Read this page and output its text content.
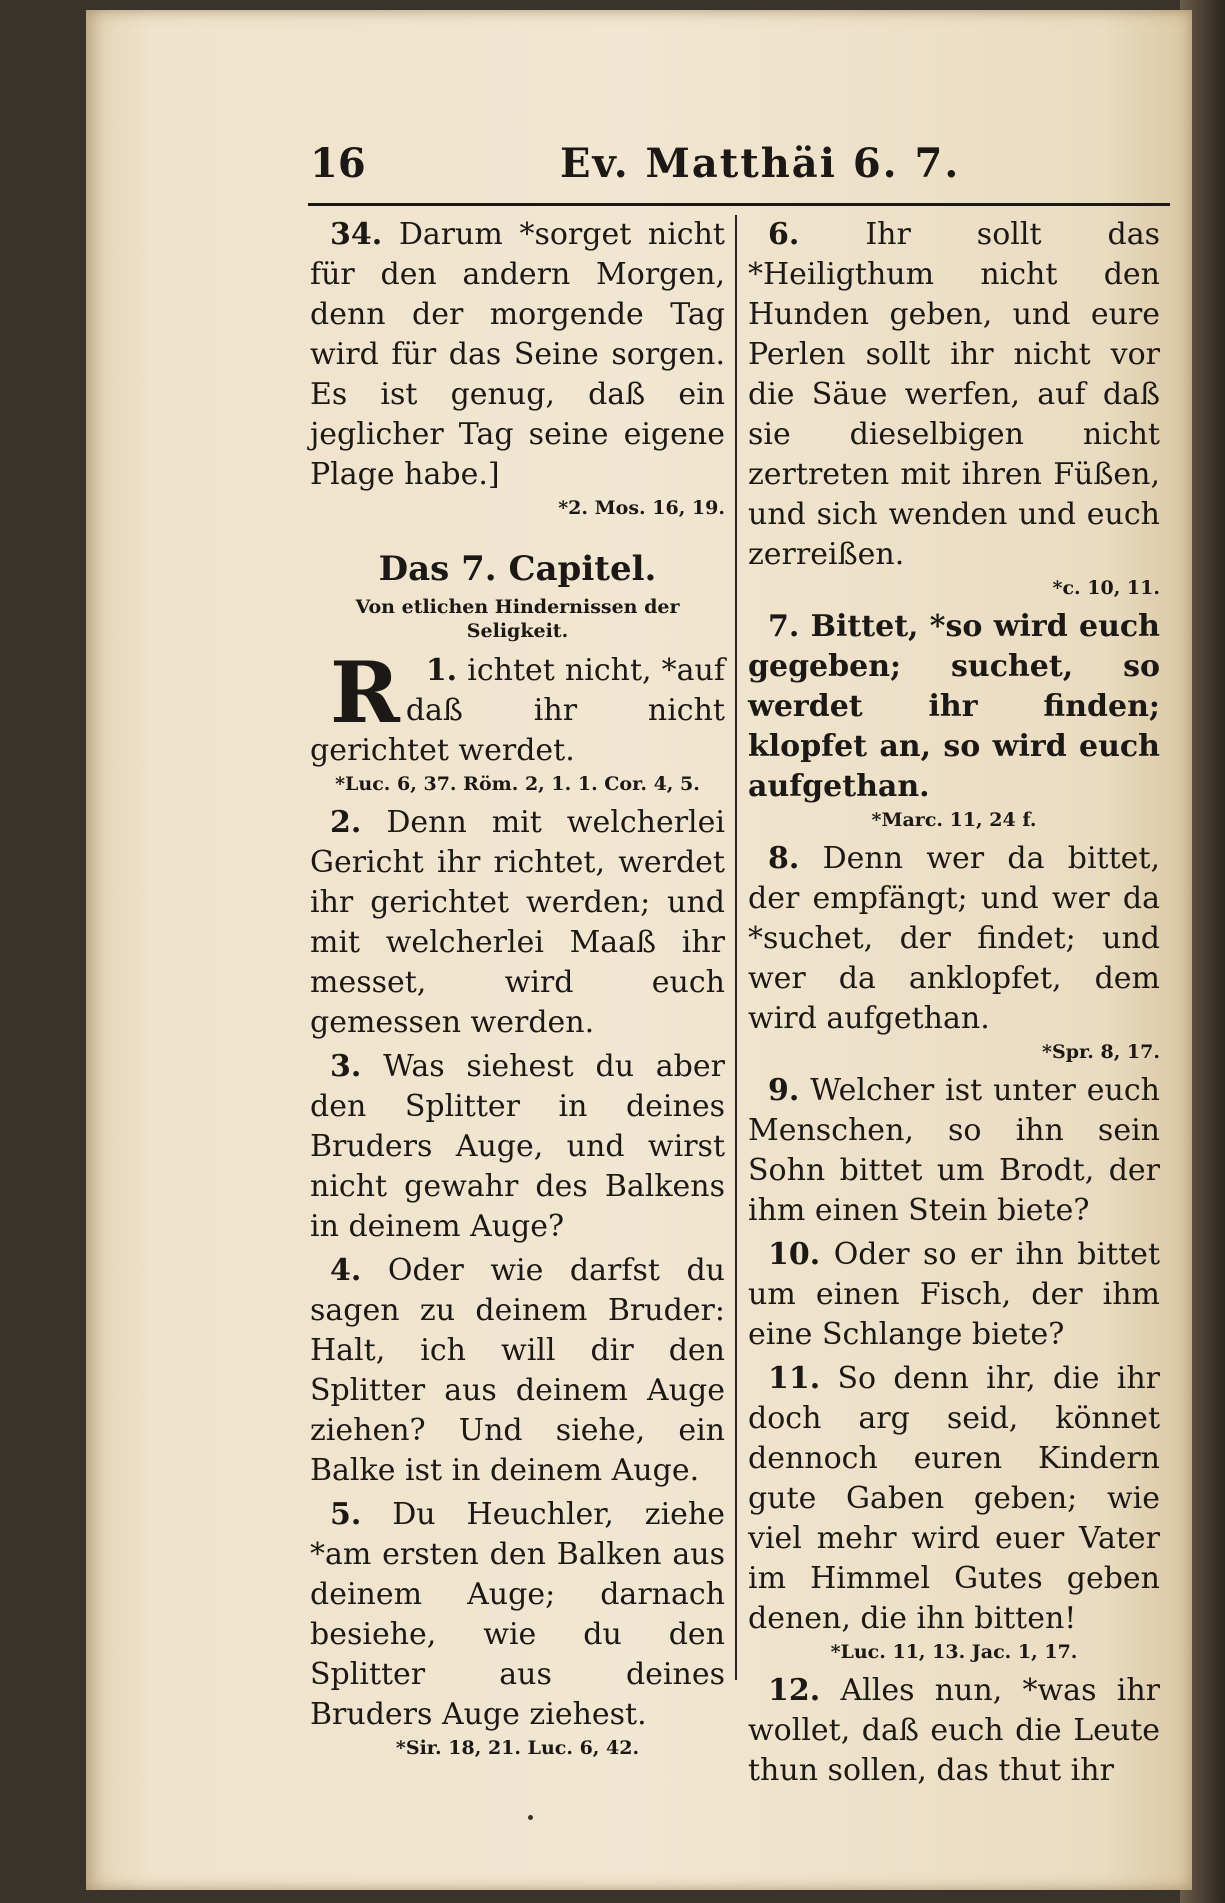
16	Ev. Matthäi 6. 7.

34. Darum *sorget nicht für den andern Morgen, denn der morgende Tag wird für das Seine sorgen. Es ist genug, daß ein jeglicher Tag seine eigene Plage habe.]

*2. Mos. 16, 19.
Das 7. Capitel.
Von etlichen Hindernissen der Seligkeit.

1.
R ichtet nicht, *auf daß ihr nicht gerichtet werdet.

*Luc. 6, 37. Röm. 2, 1. 1. Cor. 4, 5.

2. Denn mit welcherlei Gericht ihr richtet, werdet ihr gerichtet werden; und mit welcherlei Maaß ihr messet, wird euch gemessen werden.

3. Was siehest du aber den Splitter in deines Bruders Auge, und wirst nicht gewahr des Balkens in deinem Auge?

4. Oder wie darfst du sagen zu deinem Bruder: Halt, ich will dir den Splitter aus deinem Auge ziehen? Und siehe, ein Balke ist in deinem Auge.

5. Du Heuchler, ziehe *am ersten den Balken aus deinem Auge; darnach besiehe, wie du den Splitter aus deines Bruders Auge ziehest.

*Sir. 18, 21. Luc. 6, 42.

6. Ihr sollt das *Heiligthum nicht den Hunden geben, und eure Perlen sollt ihr nicht vor die Säue werfen, auf daß sie dieselbigen nicht zertreten mit ihren Füßen, und sich wenden und euch zerreißen.

*c. 10, 11.

7. Bittet, *so wird euch gegeben; suchet, so werdet ihr finden; klopfet an, so wird euch aufgethan.

*Marc. 11, 24 f.

8. Denn wer da bittet, der empfängt; und wer da *suchet, der findet; und wer da anklopfet, dem wird aufgethan.

*Spr. 8, 17.

9. Welcher ist unter euch Menschen, so ihn sein Sohn bittet um Brodt, der ihm einen Stein biete?

10. Oder so er ihn bittet um einen Fisch, der ihm eine Schlange biete?

11. So denn ihr, die ihr doch arg seid, könnet dennoch euren Kindern gute Gaben geben; wie viel mehr wird euer Vater im Himmel Gutes geben denen, die ihn bitten!

*Luc. 11, 13. Jac. 1, 17.

12. Alles nun, *was ihr wollet, daß euch die Leute thun sollen, das thut ihr
